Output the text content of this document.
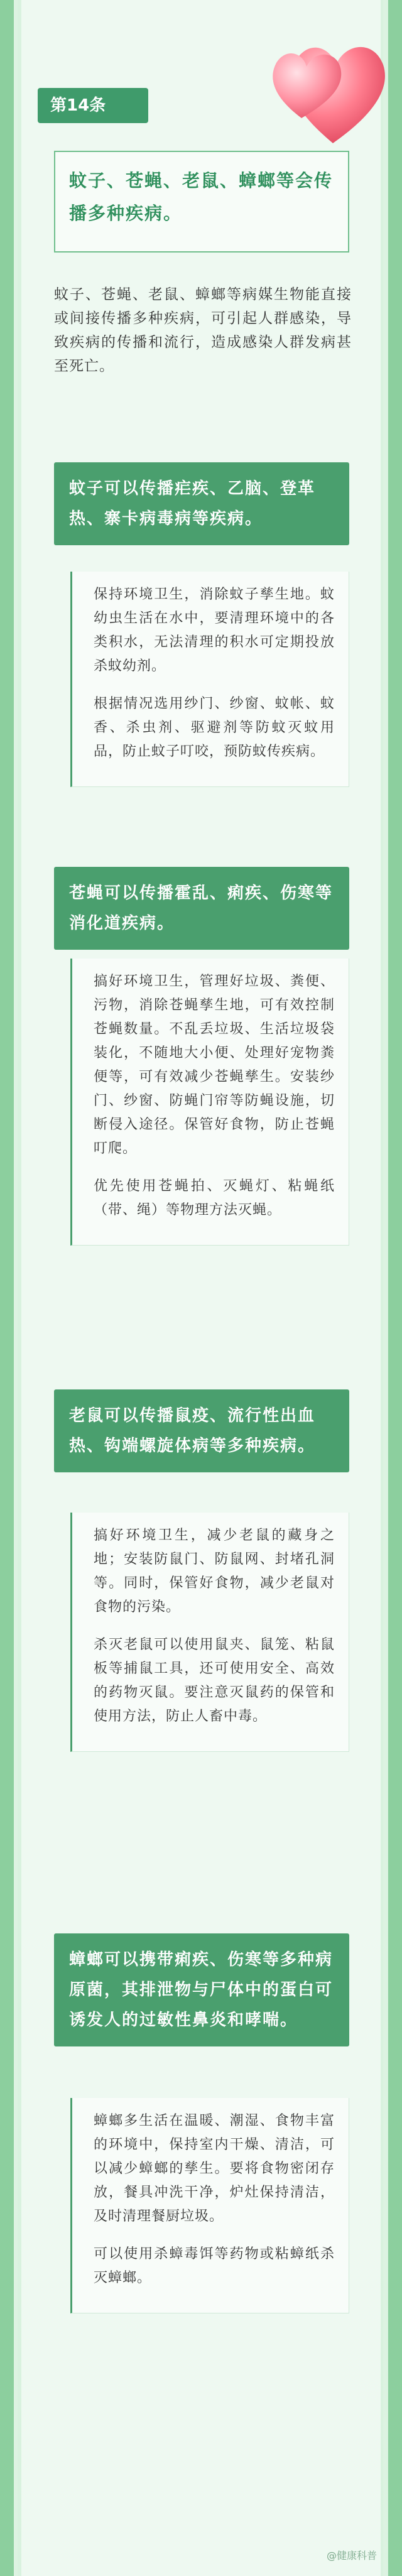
第14条
蚊子、苍蝇、老鼠、蟑螂等会传播多种疾病。
蚊子、苍蝇、老鼠、蟑螂等病媒生物能直接或间接传播多种疾病，可引起人群感染，导致疾病的传播和流行，造成感染人群发病甚至死亡。
蚊子可以传播疟疾、乙脑、登革热、寨卡病毒病等疾病。

保持环境卫生，消除蚊子孳生地。蚊幼虫生活在水中，要清理环境中的各类积水，无法清理的积水可定期投放杀蚊幼剂。

根据情况选用纱门、纱窗、蚊帐、蚊香、杀虫剂、驱避剂等防蚊灭蚊用品，防止蚊子叮咬，预防蚊传疾病。

苍蝇可以传播霍乱、痢疾、伤寒等消化道疾病。

搞好环境卫生，管理好垃圾、粪便、污物，消除苍蝇孳生地，可有效控制苍蝇数量。不乱丢垃圾、生活垃圾袋装化，不随地大小便、处理好宠物粪便等，可有效减少苍蝇孳生。安装纱门、纱窗、防蝇门帘等防蝇设施，切断侵入途径。保管好食物，防止苍蝇叮爬。

优先使用苍蝇拍、灭蝇灯、粘蝇纸（带、绳）等物理方法灭蝇。

老鼠可以传播鼠疫、流行性出血热、钩端螺旋体病等多种疾病。

搞好环境卫生，减少老鼠的藏身之地；安装防鼠门、防鼠网、封堵孔洞等。同时，保管好食物，减少老鼠对食物的污染。

杀灭老鼠可以使用鼠夹、鼠笼、粘鼠板等捕鼠工具，还可使用安全、高效的药物灭鼠。要注意灭鼠药的保管和使用方法，防止人畜中毒。

蟑螂可以携带痢疾、伤寒等多种病原菌，其排泄物与尸体中的蛋白可诱发人的过敏性鼻炎和哮喘。

蟑螂多生活在温暖、潮湿、食物丰富的环境中，保持室内干燥、清洁，可以减少蟑螂的孳生。要将食物密闭存放，餐具冲洗干净，炉灶保持清洁，及时清理餐厨垃圾。

可以使用杀蟑毒饵等药物或粘蟑纸杀灭蟑螂。

@健康科普
